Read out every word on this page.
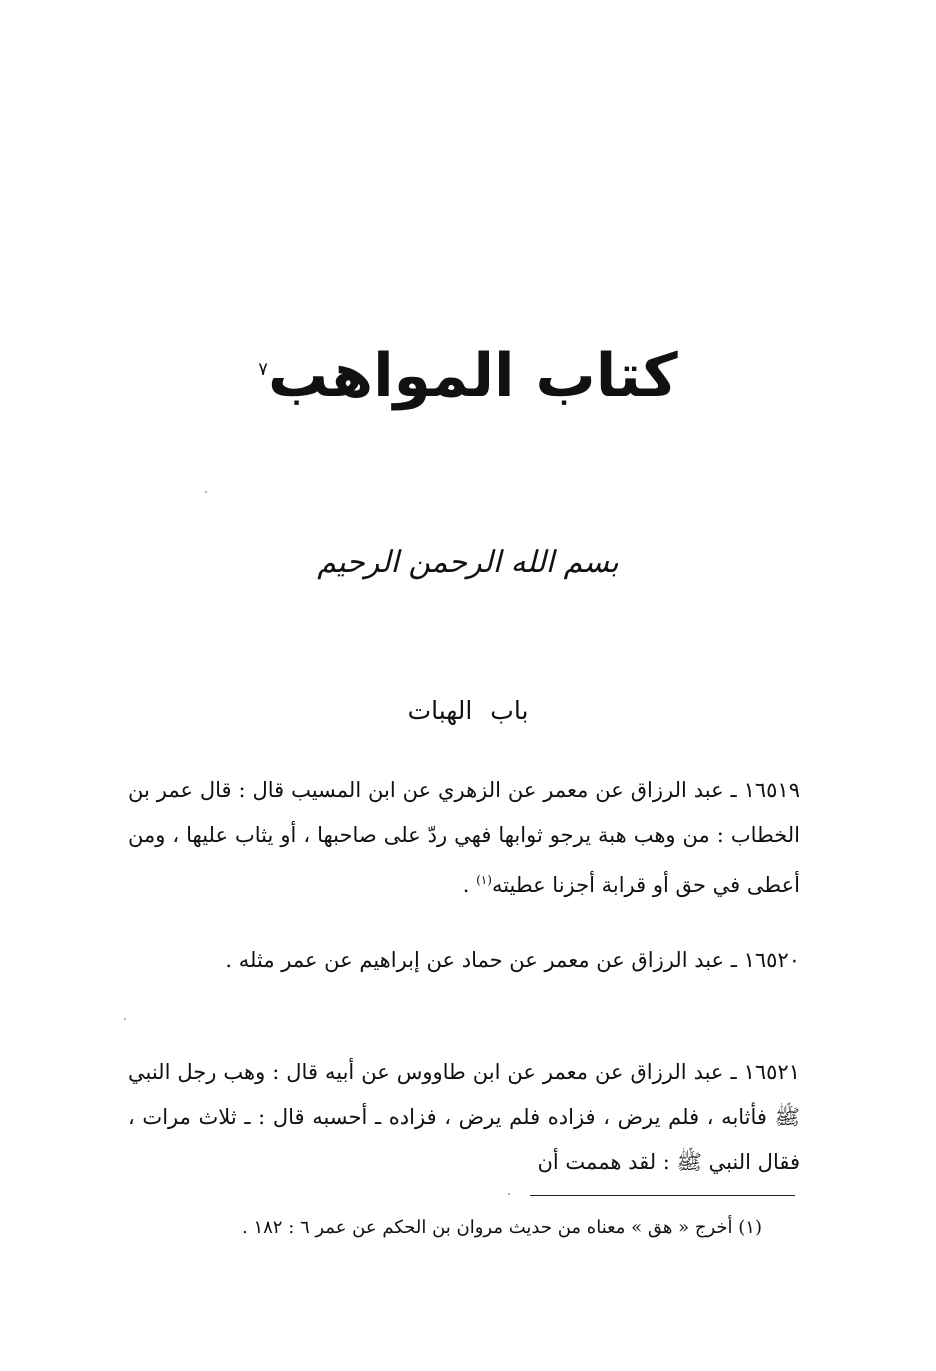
كتاب المواهب$^٧$
بسم الله الرحمن الرحيم
باب الهبات
١٦٥١٩ ـ عبد الرزاق عن معمر عن الزهري عن ابن المسيب قال : قال عمر بن الخطاب : من وهب هبة يرجو ثوابها فهي ردّ على صاحبها ، أو يثاب عليها ، ومن أعطى في حق أو قرابة أجزنا عطيته$^{(١)}$ .
١٦٥٢٠ ـ عبد الرزاق عن معمر عن حماد عن إبراهيم عن عمر مثله .
١٦٥٢١ ـ عبد الرزاق عن معمر عن ابن طاووس عن أبيه قال : وهب رجل النبي ﷺ فأثابه ، فلم يرض ، فزاده فلم يرض ، فزاده ـ أحسبه قال : ـ ثلاث مرات ، فقال النبي ﷺ : لقد هممت أن
(١) أخرج « هق » معناه من حديث مروان بن الحكم عن عمر ٦ : ١٨٢ .
